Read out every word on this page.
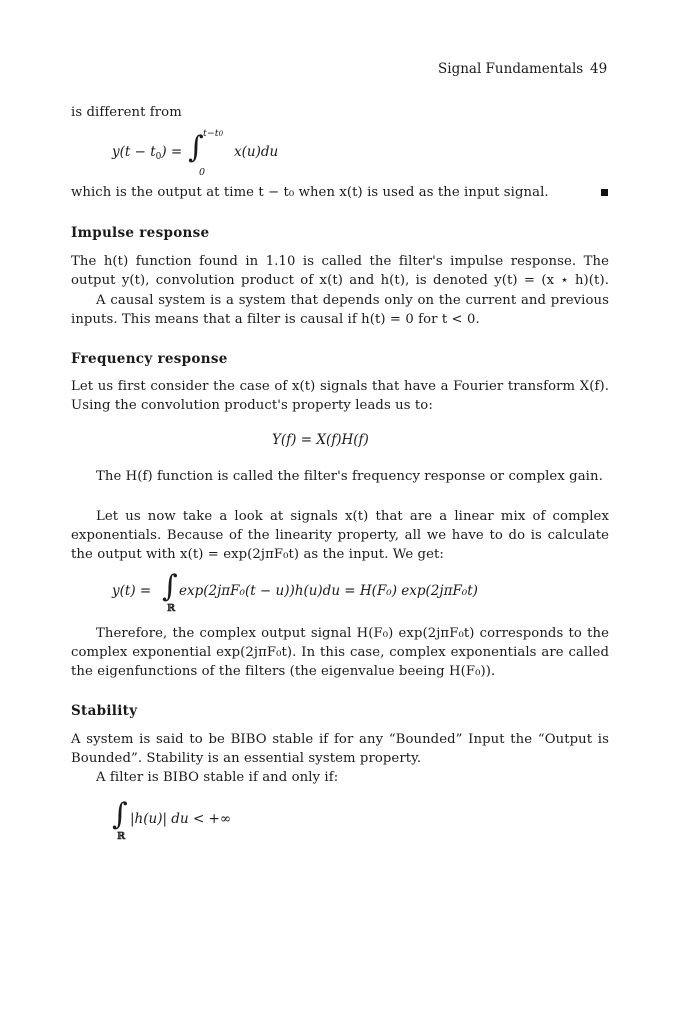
Signal Fundamentals 49
is different from
$y(t - t_0)$ = ∫ t−t0
0
x(u)du
which is the output at time t − t₀ when x(t) is used as the input signal.
Impulse response
The h(t) function found in 1.10 is called the filter's impulse response. The
output y(t), convolution product of x(t) and h(t), is denoted y(t) = (x ⋆ h)(t).
A causal system is a system that depends only on the current and previous
inputs. This means that a filter is causal if h(t) = 0 for t < 0.
Frequency response
Let us first consider the case of x(t) signals that have a Fourier transform X(f).
Using the convolution product's property leads us to:
Y(f) = X(f)H(f)
The H(f) function is called the filter's frequency response or complex gain.
Let us now take a look at signals x(t) that are a linear mix of complex
exponentials. Because of the linearity property, all we have to do is calculate
the output with x(t) = exp(2jπF₀t) as the input. We get:
y(t) = ∫
ℝ
exp(2jπF₀(t − u))h(u)du = H(F₀) exp(2jπF₀t)
Therefore, the complex output signal H(F₀) exp(2jπF₀t) corresponds to the
complex exponential exp(2jπF₀t). In this case, complex exponentials are called
the eigenfunctions of the filters (the eigenvalue beeing H(F₀)).
Stability
A system is said to be BIBO stable if for any “Bounded” Input the “Output is
Bounded”. Stability is an essential system property.
A filter is BIBO stable if and only if:
∫
ℝ
|h(u)| du < +∞
